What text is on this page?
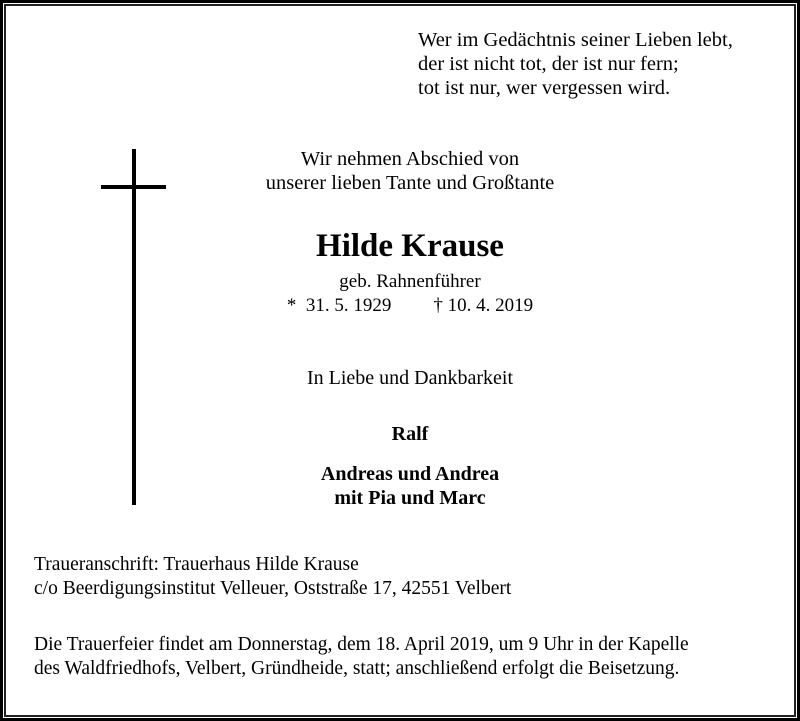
Wer im Gedächtnis seiner Lieben lebt,
der ist nicht tot, der ist nur fern;
tot ist nur, wer vergessen wird.
Wir nehmen Abschied von
unserer lieben Tante und Großtante
Hilde Krause
geb. Rahnenführer
* 31. 5. 1929 † 10. 4. 2019
In Liebe und Dankbarkeit
Ralf
Andreas und Andrea
mit Pia und Marc
Traueranschrift: Trauerhaus Hilde Krause
c/o Beerdigungsinstitut Velleuer, Oststraße 17, 42551 Velbert
Die Trauerfeier findet am Donnerstag, dem 18. April 2019, um 9 Uhr in der Kapelle
des Waldfriedhofs, Velbert, Gründheide, statt; anschließend erfolgt die Beisetzung.
